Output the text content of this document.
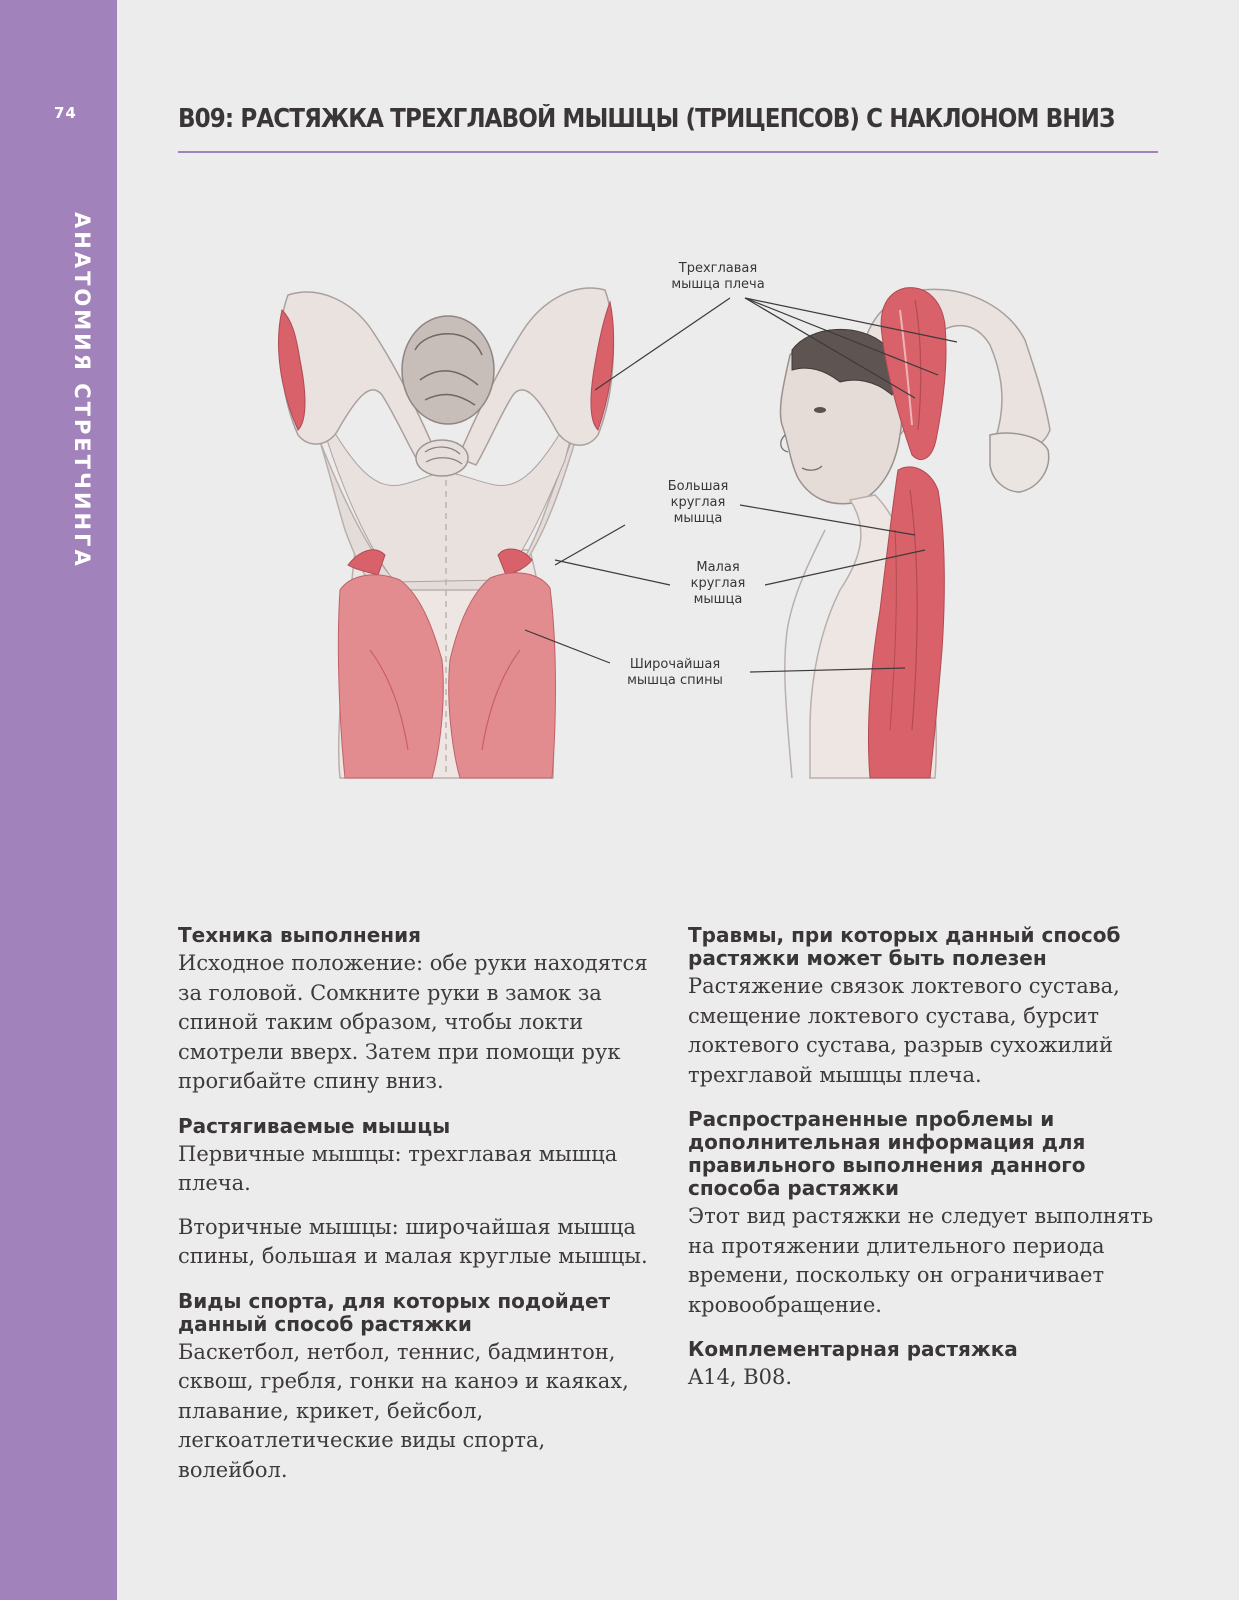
74
АНАТОМИЯ СТРЕТЧИНГА
B09: РАСТЯЖКА ТРЕХГЛАВОЙ МЫШЦЫ (ТРИЦЕПСОВ) С НАКЛОНОМ ВНИЗ
Трехглавая мышца плеча
Большая круглая мышца
Малая круглая мышца
Широчайшая мышца спины
Техника выполнения

Исходное положение: обе руки находятся за головой. Сомкните руки в замок за спиной таким образом, чтобы локти смотрели вверх. Затем при помощи рук прогибайте спину вниз.

Растягиваемые мышцы

Первичные мышцы: трехглавая мышца плеча.

Вторичные мышцы: широчайшая мышца спины, большая и малая круглые мышцы.

Виды спорта, для которых подойдет данный способ растяжки

Баскетбол, нетбол, теннис, бадминтон, сквош, гребля, гонки на каноэ и каяках, плавание, крикет, бейсбол, легкоатлетические виды спорта, волейбол.

Травмы, при которых данный способ растяжки может быть полезен

Растяжение связок локтевого сустава, смещение локтевого сустава, бурсит локтевого сустава, разрыв сухожилий трехглавой мышцы плеча.

Распространенные проблемы и дополнительная информация для правильного выполнения данного способа растяжки

Этот вид растяжки не следует выполнять на протяжении длительного периода времени, поскольку он ограничивает кровообращение.

Комплементарная растяжка

A14, B08.
